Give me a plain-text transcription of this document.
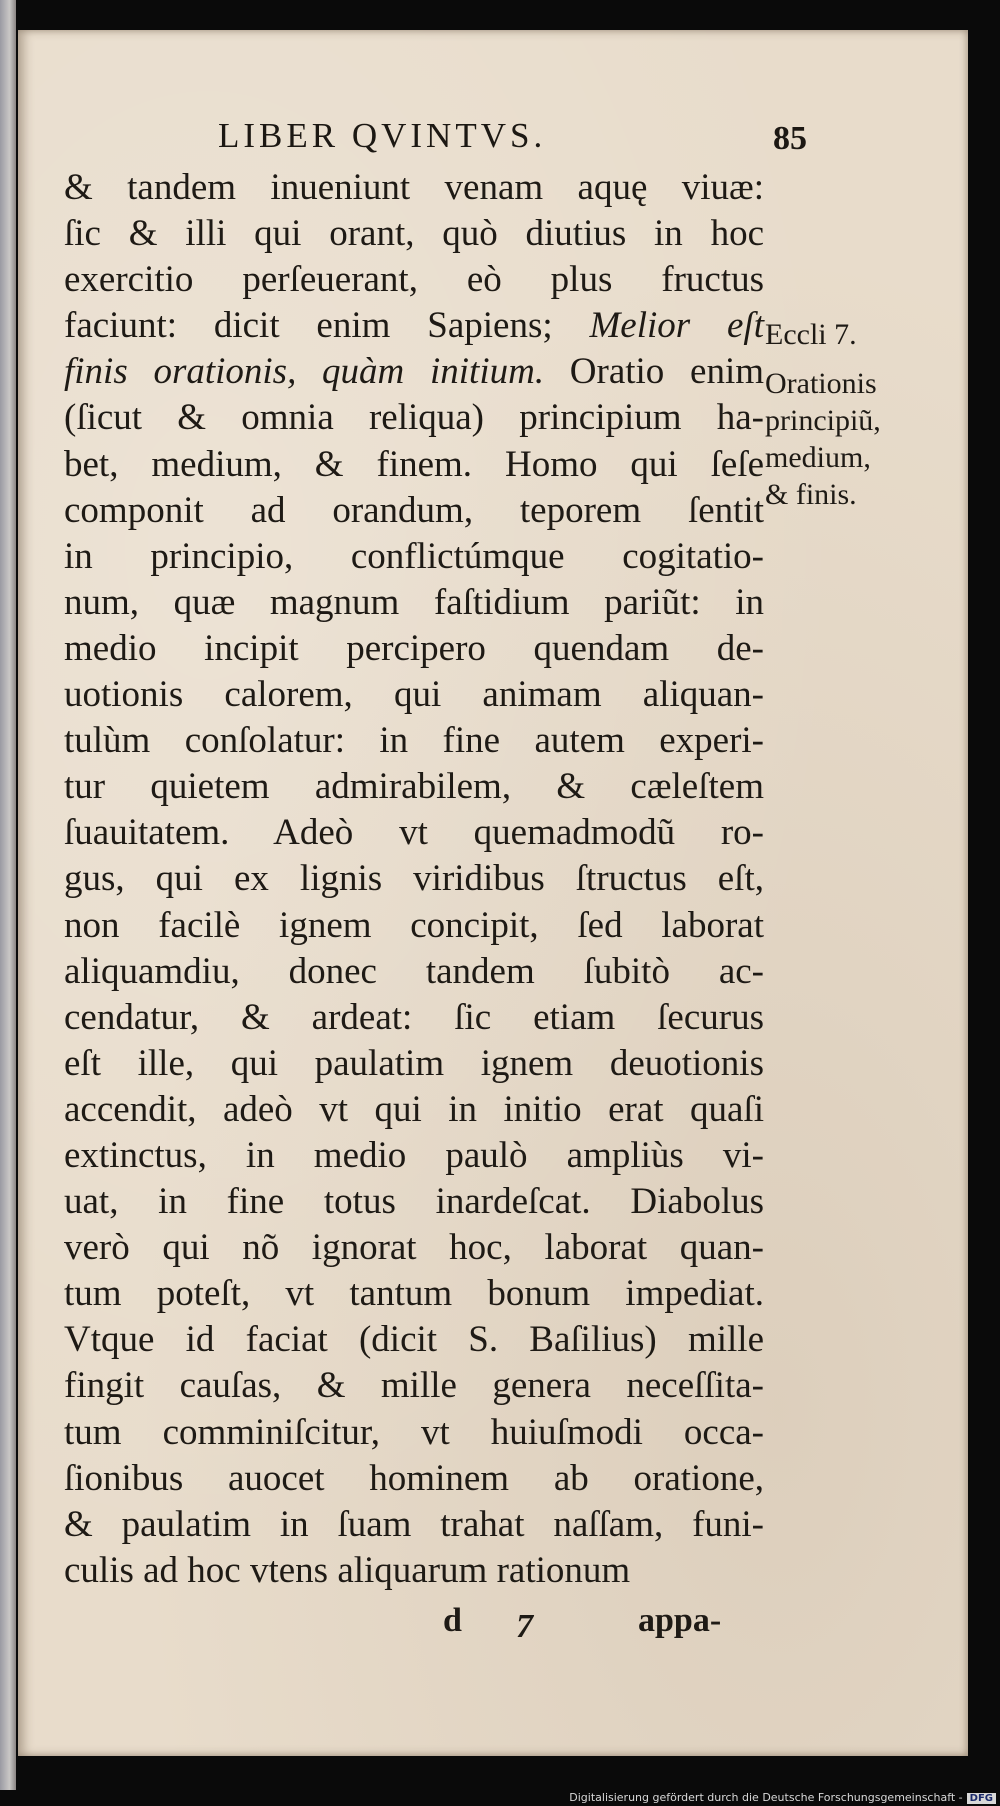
LIBER QVINTVS.	85
& tandem inueniunt venam aquę viuæ:
ſic & illi qui orant, quò diutius in hoc
exercitio perſeuerant, eò plus fructus
faciunt: dicit enim Sapiens; Melior eſt
finis orationis, quàm initium. Oratio enim
(ſicut & omnia reliqua) principium ha-
bet, medium, & finem. Homo qui ſeſe
componit ad orandum, teporem ſentit
in principio, conflictúmque cogitatio-
num, quæ magnum faſtidium pariũt: in
medio incipit percipero quendam de-
uotionis calorem, qui animam aliquan-
tulùm conſolatur: in fine autem experi-
tur quietem admirabilem, & cæleſtem
ſuauitatem. Adeò vt quemadmodũ ro-
gus, qui ex lignis viridibus ſtructus eſt,
non facilè ignem concipit, ſed laborat
aliquamdiu, donec tandem ſubitò ac-
cendatur, & ardeat: ſic etiam ſecurus
eſt ille, qui paulatim ignem deuotionis
accendit, adeò vt qui in initio erat quaſi
extinctus, in medio paulò ampliùs vi-
uat, in fine totus inardeſcat. Diabolus
verò qui nõ ignorat hoc, laborat quan-
tum poteſt, vt tantum bonum impediat.
Vtque id faciat (dicit S. Baſilius) mille
fingit cauſas, & mille genera neceſſita-
tum comminiſcitur, vt huiuſmodi occa-
ſionibus auocet hominem ab oratione,
& paulatim in ſuam trahat naſſam, funi-
culis ad hoc vtens aliquarum rationum
Eccli 7.
Orationis
principiũ,
medium,
& finis.
d 7	appa-
Digitalisierung gefördert durch die Deutsche Forschungsgemeinschaft - DFG
